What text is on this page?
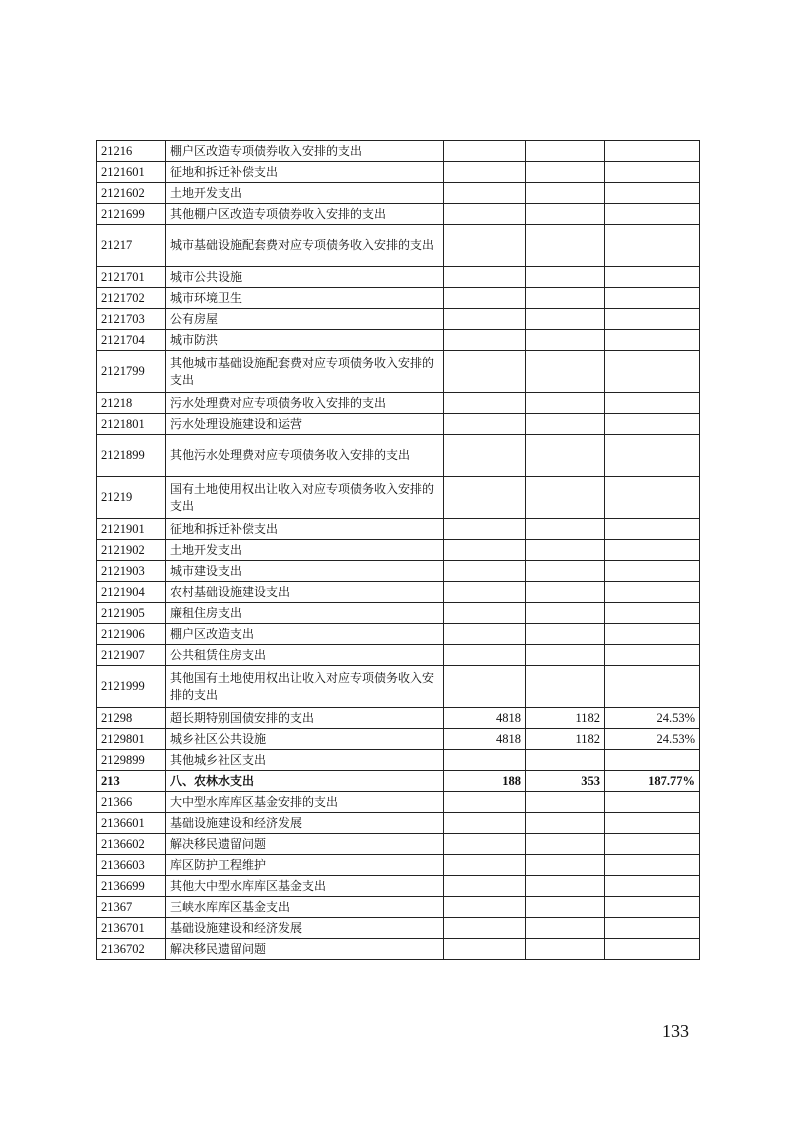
21216	棚户区改造专项债券收入安排的支出			
2121601	征地和拆迁补偿支出			
2121602	土地开发支出			
2121699	其他棚户区改造专项债券收入安排的支出			
21217	城市基础设施配套费对应专项债务收入安排的支出			
2121701	城市公共设施			
2121702	城市环境卫生			
2121703	公有房屋			
2121704	城市防洪			
2121799	其他城市基础设施配套费对应专项债务收入安排的支出			
21218	污水处理费对应专项债务收入安排的支出			
2121801	污水处理设施建设和运营			
2121899	其他污水处理费对应专项债务收入安排的支出			
21219	国有土地使用权出让收入对应专项债务收入安排的支出			
2121901	征地和拆迁补偿支出			
2121902	土地开发支出			
2121903	城市建设支出			
2121904	农村基础设施建设支出			
2121905	廉租住房支出			
2121906	棚户区改造支出			
2121907	公共租赁住房支出			
2121999	其他国有土地使用权出让收入对应专项债务收入安排的支出			
21298	超长期特别国债安排的支出	4818	1182	24.53%
2129801	城乡社区公共设施	4818	1182	24.53%
2129899	其他城乡社区支出			
213	八、农林水支出	188	353	187.77%
21366	大中型水库库区基金安排的支出			
2136601	基础设施建设和经济发展			
2136602	解决移民遗留问题			
2136603	库区防护工程维护			
2136699	其他大中型水库库区基金支出			
21367	三峡水库库区基金支出			
2136701	基础设施建设和经济发展			
2136702	解决移民遗留问题			
133
